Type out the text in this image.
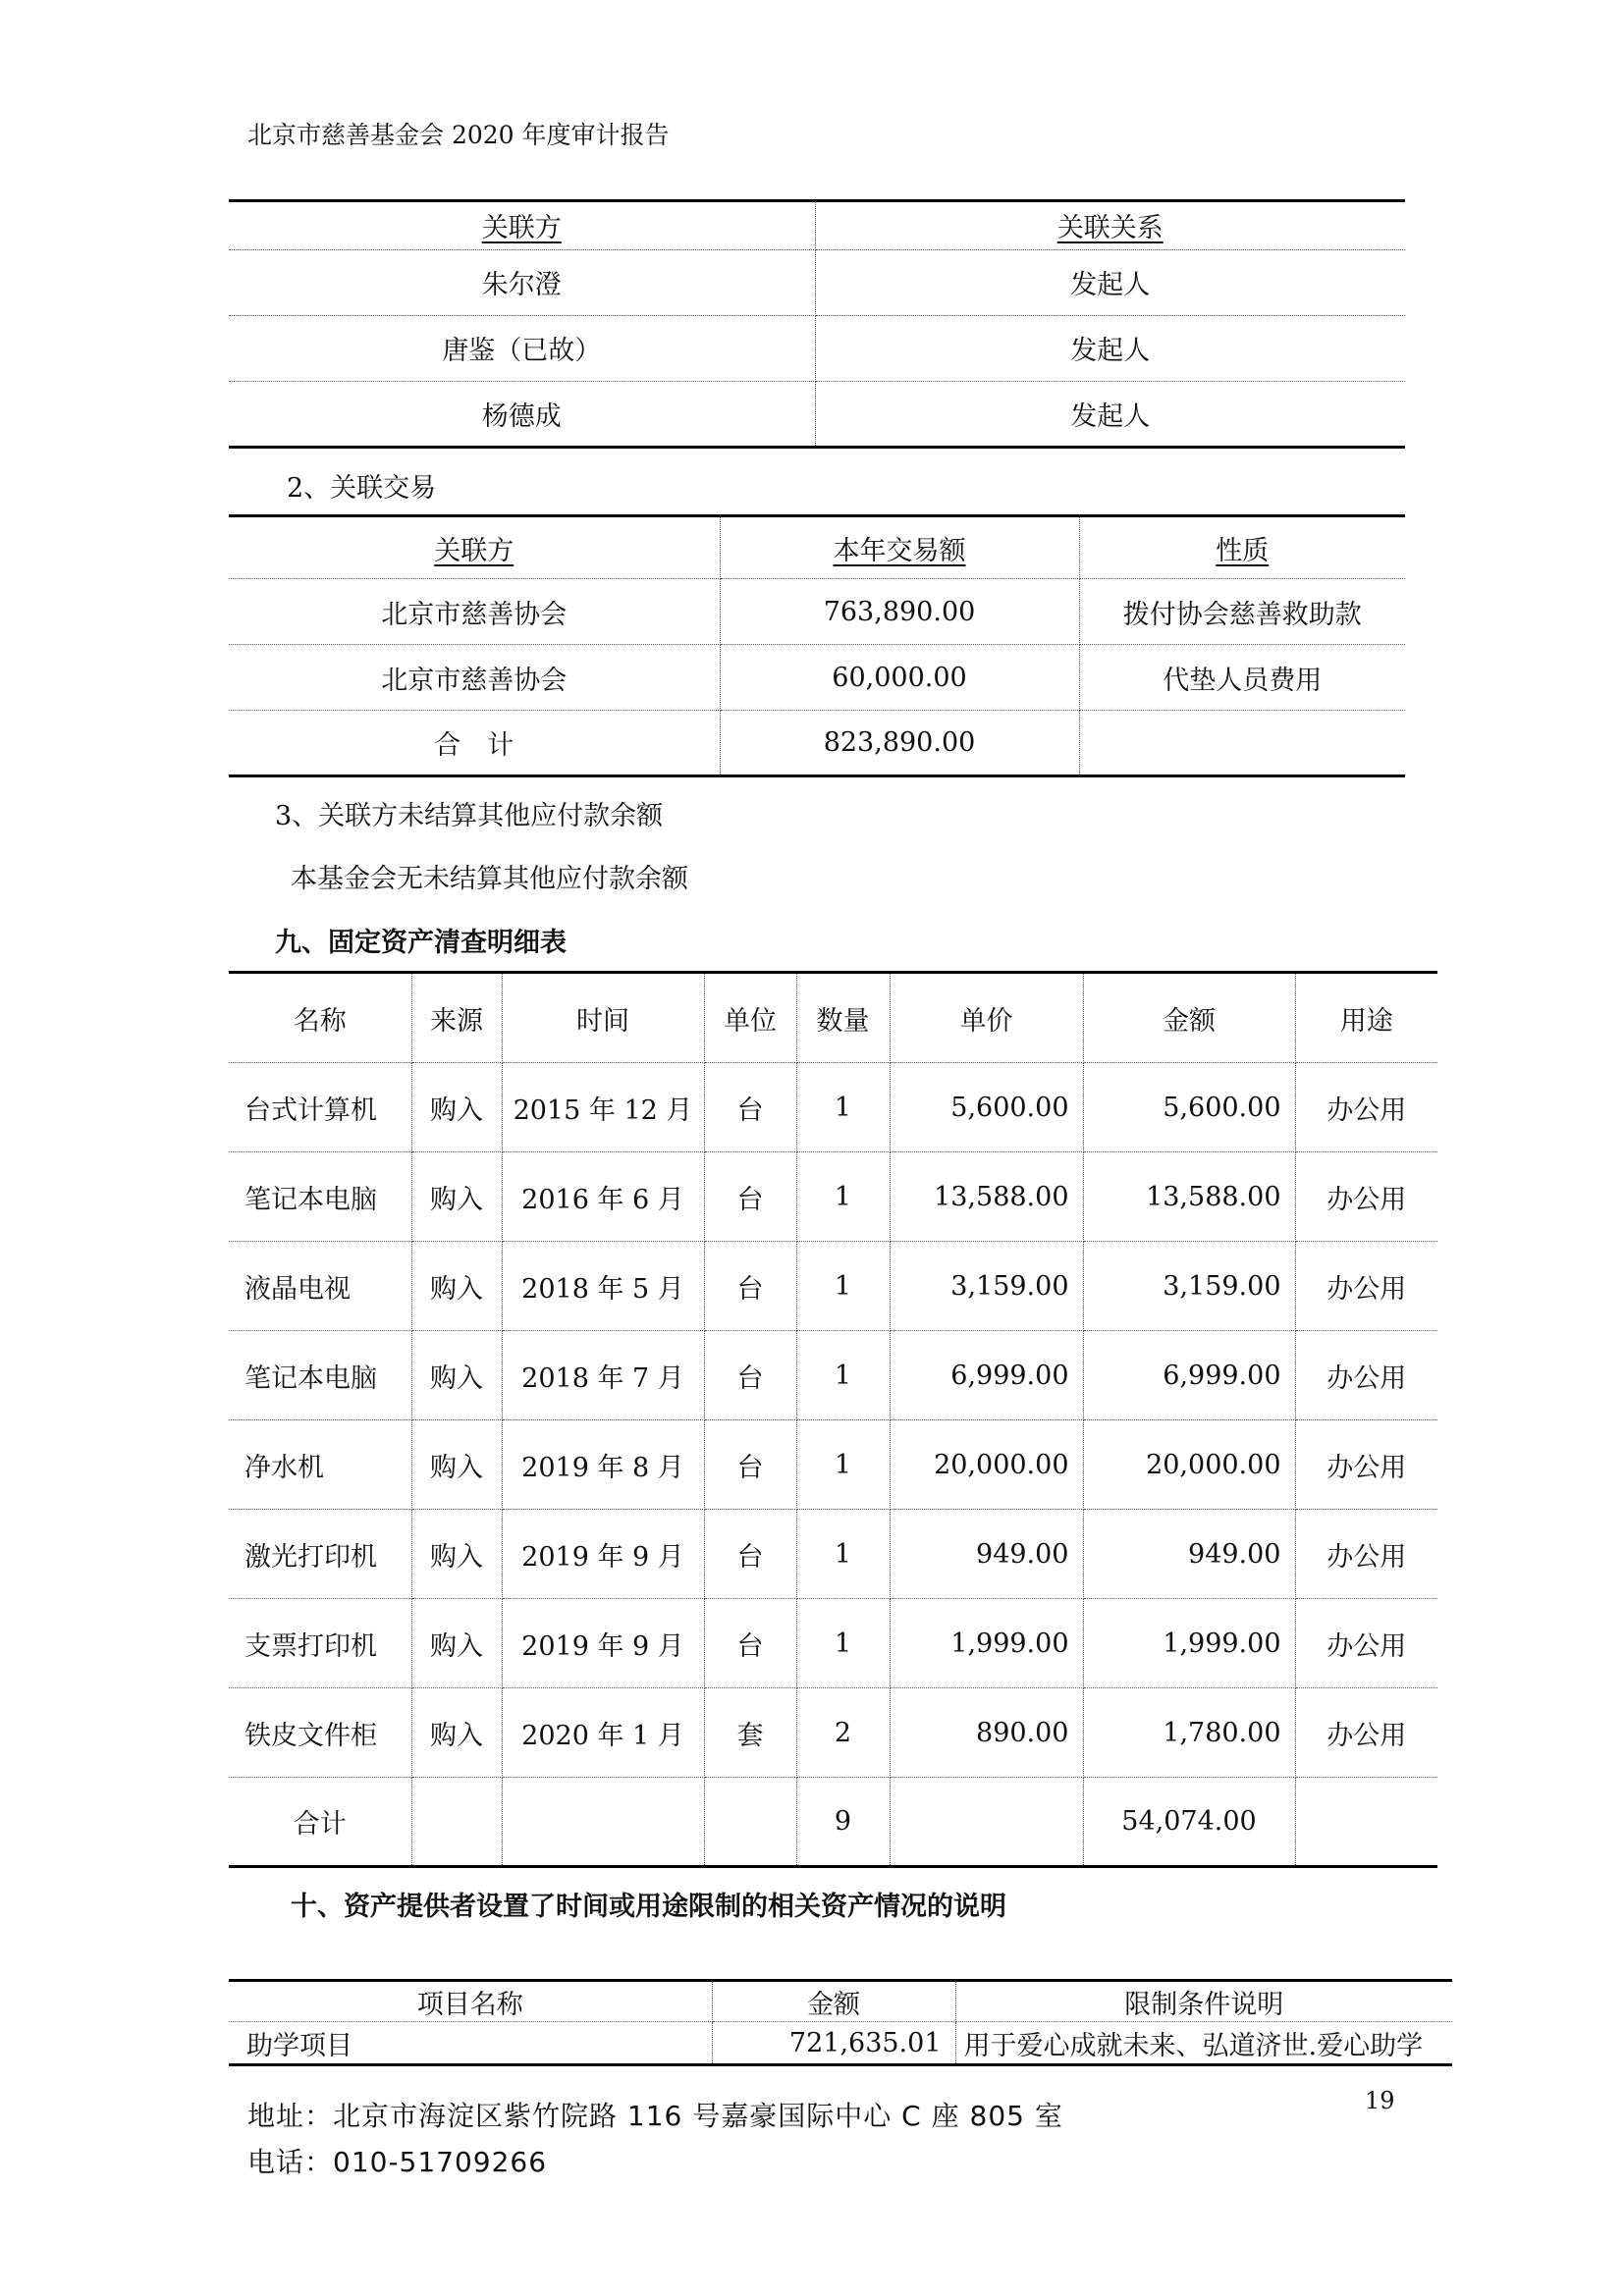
北京市慈善基金会 2020 年度审计报告
关联方	关联关系
朱尔澄	发起人
唐鉴（已故）	发起人
杨德成	发起人
2、关联交易
关联方	本年交易额	性质
北京市慈善协会	763,890.00	拨付协会慈善救助款
北京市慈善协会	60,000.00	代垫人员费用
合　计	823,890.00	
3、关联方未结算其他应付款余额
本基金会无未结算其他应付款余额
九、固定资产清查明细表
名称	来源	时间	单位	数量	单价	金额	用途
台式计算机	购入	2015 年 12 月	台	1	5,600.00	5,600.00	办公用
笔记本电脑	购入	2016 年 6 月	台	1	13,588.00	13,588.00	办公用
液晶电视	购入	2018 年 5 月	台	1	3,159.00	3,159.00	办公用
笔记本电脑	购入	2018 年 7 月	台	1	6,999.00	6,999.00	办公用
净水机	购入	2019 年 8 月	台	1	20,000.00	20,000.00	办公用
激光打印机	购入	2019 年 9 月	台	1	949.00	949.00	办公用
支票打印机	购入	2019 年 9 月	台	1	1,999.00	1,999.00	办公用
铁皮文件柜	购入	2020 年 1 月	套	2	890.00	1,780.00	办公用
合计				9		54,074.00	
十、资产提供者设置了时间或用途限制的相关资产情况的说明
项目名称	金额	限制条件说明
助学项目	721,635.01	用于爱心成就未来、弘道济世.爱心助学
19
地址：北京市海淀区紫竹院路 116 号嘉豪国际中心 C 座 805 室
电话：010-51709266
